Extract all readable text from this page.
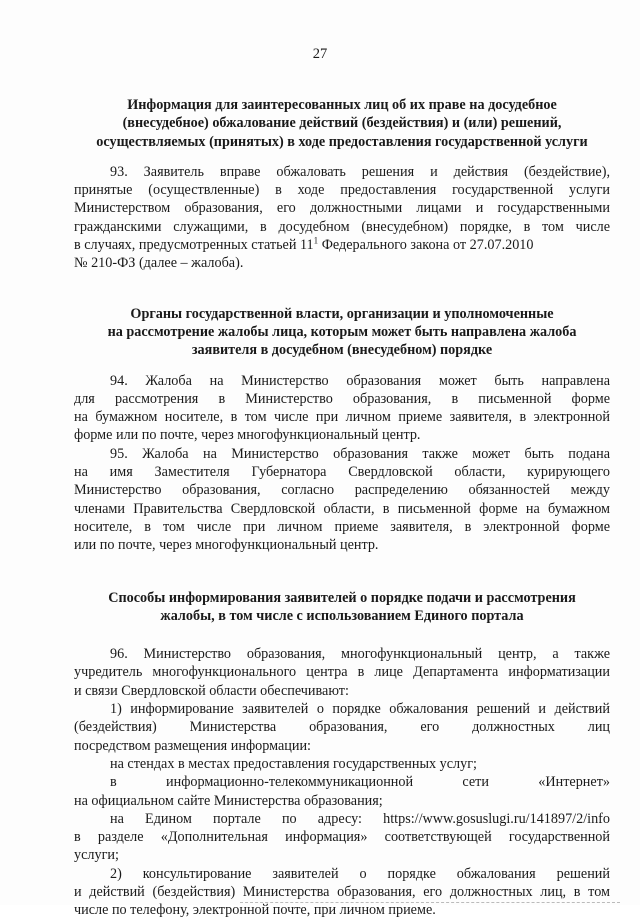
27
Информация для заинтересованных лиц об их праве на досудебное
(внесудебное) обжалование действий (бездействия) и (или) решений,
осуществляемых (принятых) в ходе предоставления государственной услуги
93. Заявитель вправе обжаловать решения и действия (бездействие),
принятые (осуществленные) в ходе предоставления государственной услуги
Министерством образования, его должностными лицами и государственными
гражданскими служащими, в досудебном (внесудебном) порядке, в том числе
в случаях, предусмотренных статьей $11^1$ Федерального закона от 27.07.2010
№ 210-ФЗ (далее – жалоба).
Органы государственной власти, организации и уполномоченные
на рассмотрение жалобы лица, которым может быть направлена жалоба
заявителя в досудебном (внесудебном) порядке
94. Жалоба на Министерство образования может быть направлена
для рассмотрения в Министерство образования, в письменной форме
на бумажном носителе, в том числе при личном приеме заявителя, в электронной
форме или по почте, через многофункциональный центр.
95. Жалоба на Министерство образования также может быть подана
на имя Заместителя Губернатора Свердловской области, курирующего
Министерство образования, согласно распределению обязанностей между
членами Правительства Свердловской области, в письменной форме на бумажном
носителе, в том числе при личном приеме заявителя, в электронной форме
или по почте, через многофункциональный центр.
Способы информирования заявителей о порядке подачи и рассмотрения
жалобы, в том числе с использованием Единого портала
96. Министерство образования, многофункциональный центр, а также
учредитель многофункционального центра в лице Департамента информатизации
и связи Свердловской области обеспечивают:
1) информирование заявителей о порядке обжалования решений и действий
(бездействия) Министерства образования, его должностных лиц
посредством размещения информации:
на стендах в местах предоставления государственных услуг;
в информационно-телекоммуникационной сети «Интернет»
на официальном сайте Министерства образования;
на Едином портале по адресу: https://www.gosuslugi.ru/141897/2/info
в разделе «Дополнительная информация» соответствующей государственной
услуги;
2) консультирование заявителей о порядке обжалования решений
и действий (бездействия) Министерства образования, его должностных лиц, в том
числе по телефону, электронной почте, при личном приеме.
